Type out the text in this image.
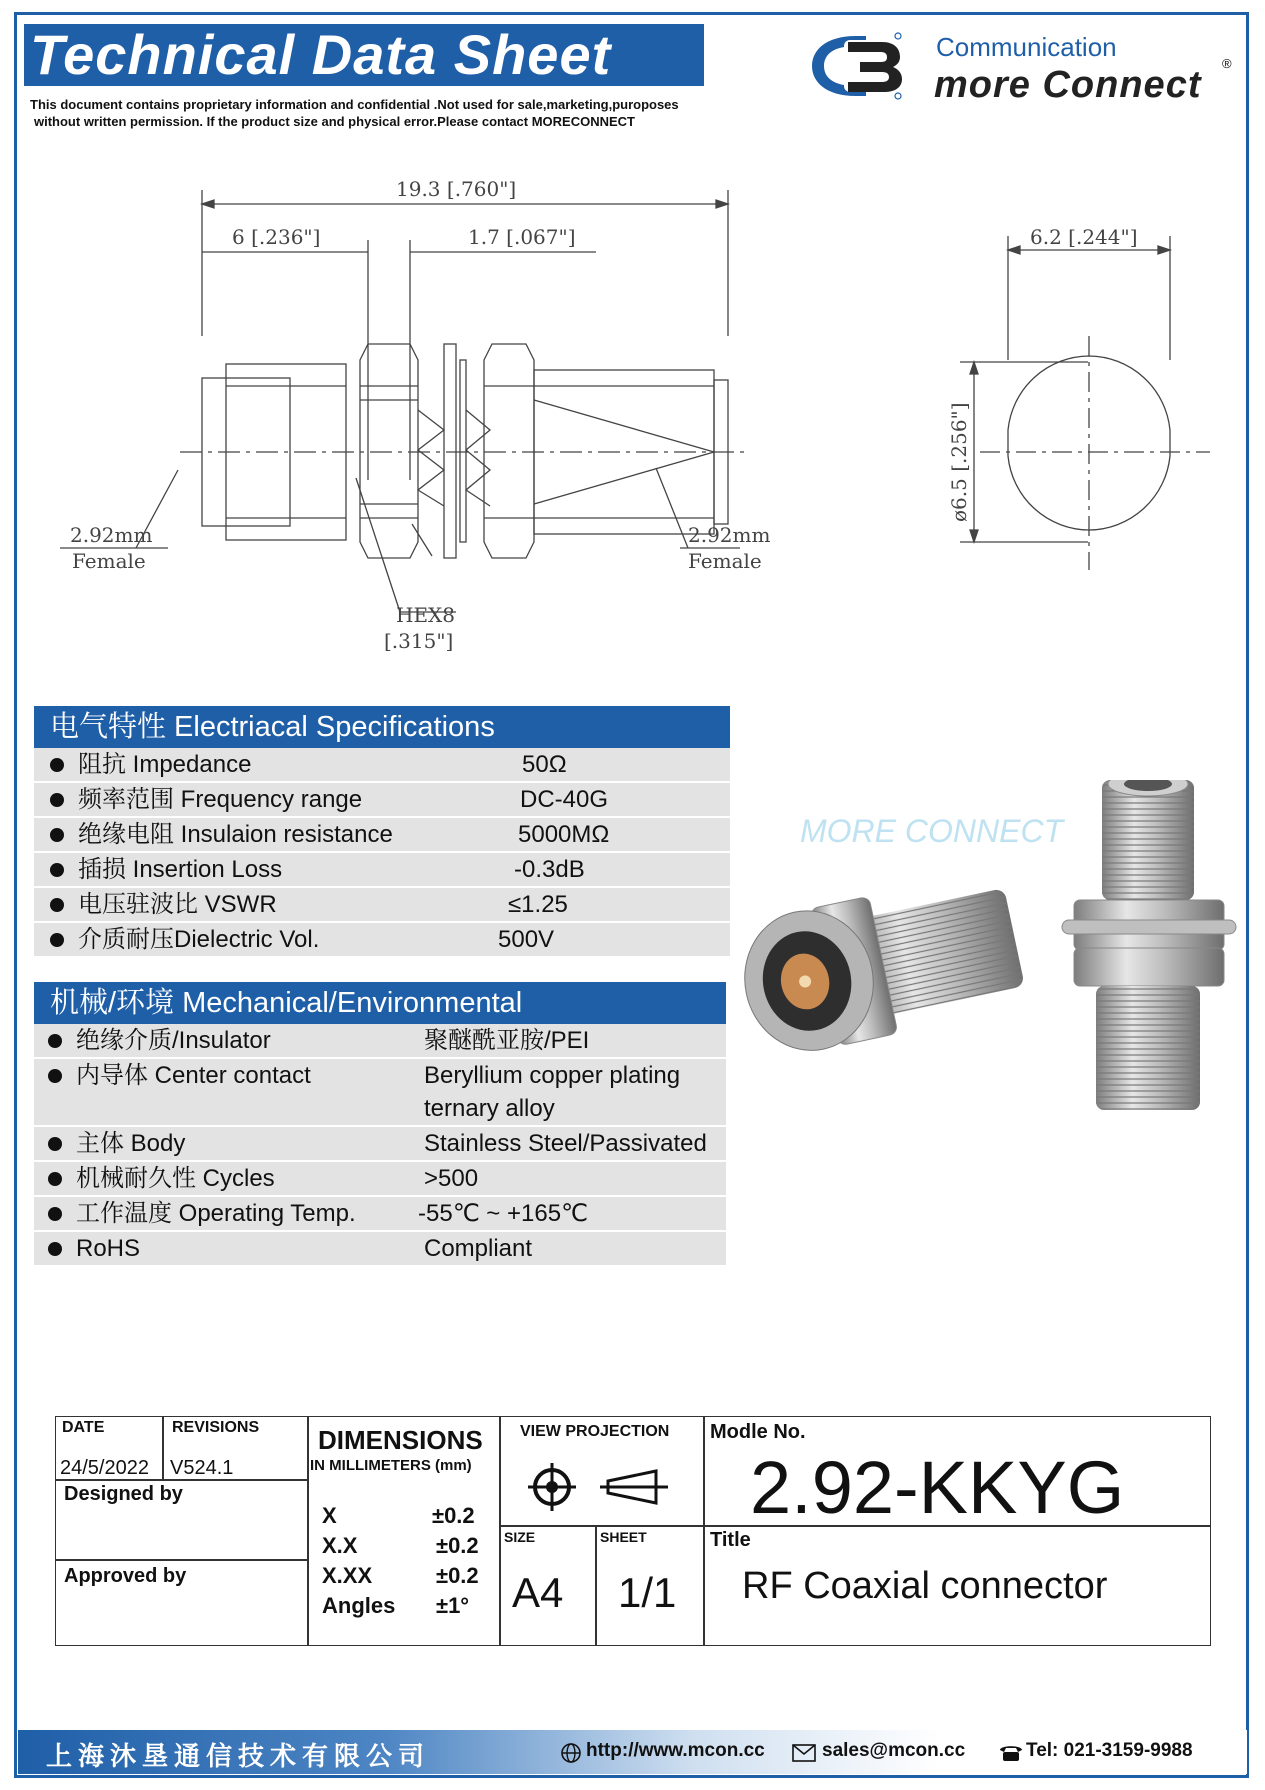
Technical Data Sheet
This document contains proprietary information and confidential .Not used for sale,marketing,puroposes
without written permission. If the product size and physical error.Please contact MORECONNECT
Communication
more Connect
®
19.3 [.760"]
6 [.236"]	1.7 [.067"]
2.92mm
Female
2.92mm
Female
HEX8
[.315"]
6.2 [.244"]
ø6.5 [.256"]
电气特性 Electriacal Specifications
阻抗 Impedance	50Ω
频率范围 Frequency range	DC-40G
绝缘电阻 Insulaion resistance	5000MΩ
插损 Insertion Loss	-0.3dB
电压驻波比 VSWR	≤1.25
介质耐压Dielectric Vol.	500V
机械/环境 Mechanical/Environmental
绝缘介质/Insulator	聚醚酰亚胺/PEI
内导体 Center contact	Beryllium copper plating
ternary alloy
主体 Body	Stainless Steel/Passivated
机械耐久性 Cycles	>500
工作温度 Operating Temp.	-55℃ ~ +165℃
RoHS	Compliant
MORE CONNECT
DATE
24/5/2022
REVISIONS
V524.1
Designed by
Approved by
DIMENSIONS
IN MILLIMETERS (mm)
X	±0.2
X.X	±0.2
X.XX	±0.2
Angles ±1°
VIEW PROJECTION
SIZE
A4
SHEET
1/1
Modle No.
2.92-KKYG
Title
RF Coaxial connector
上海沐垦通信技术有限公司	http://www.mcon.cc	sales@mcon.cc	Tel: 021-3159-9988
